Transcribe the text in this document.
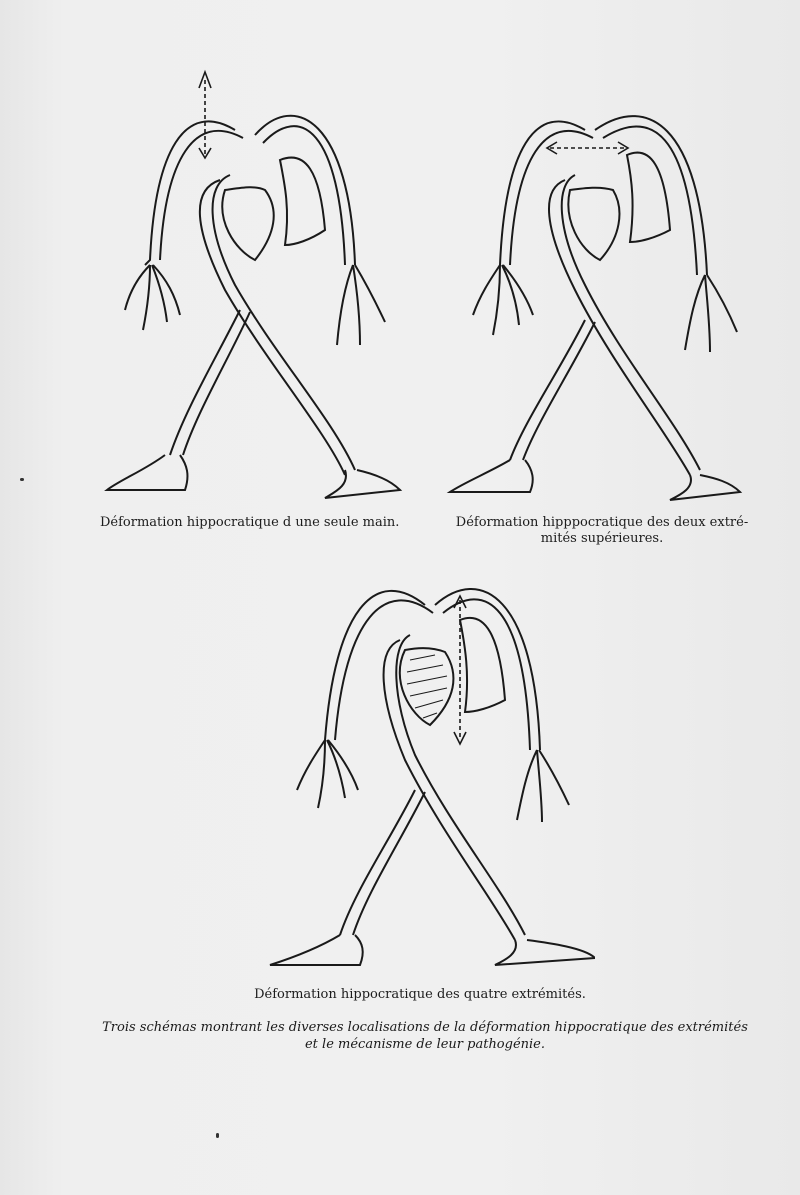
Déformation hippocratique d une seule main.	Déformation hipppocratique des deux extré-
mités supérieures.
Déformation hippocratique des quatre extrémités.
Trois schémas montrant les diverses localisations de la déformation hippocratique des extrémités
et le mécanisme de leur pathogénie.
